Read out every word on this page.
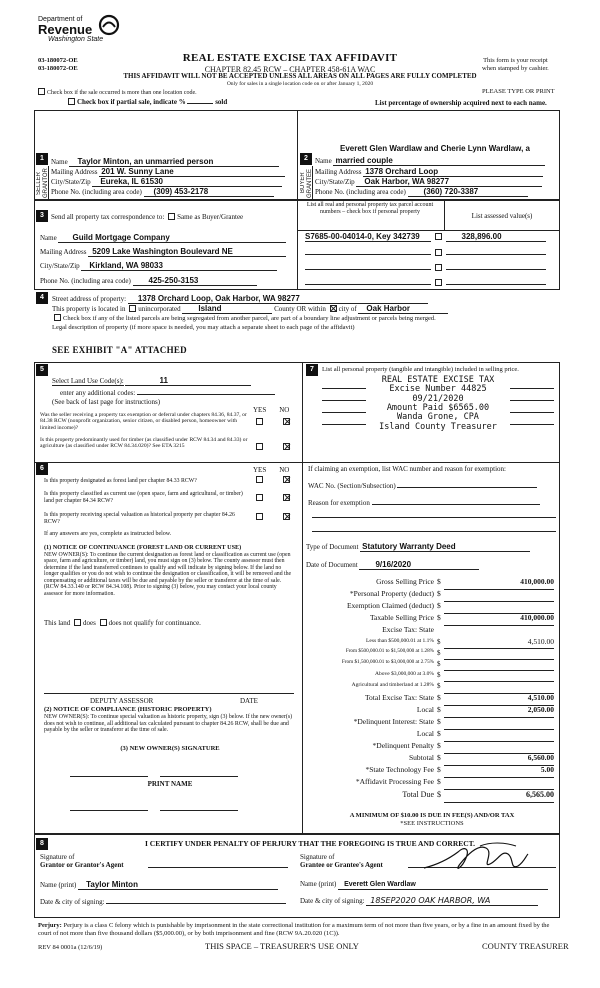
Department of
Revenue
Washington State
03-180072-OE
03-180072-OE
REAL ESTATE EXCISE TAX AFFIDAVIT
CHAPTER 82.45 RCW – CHAPTER 458-61A WAC
THIS AFFIDAVIT WILL NOT BE ACCEPTED UNLESS ALL AREAS ON ALL PAGES ARE FULLY COMPLETED
Only for sales in a single location code on or after January 1, 2020
This form is your receipt
when stamped by cashier.
PLEASE TYPE OR PRINT
Check box if the sale occurred is more than one location code.
Check box if partial sale, indicate %	sold	List percentage of ownership acquired next to each name.
1
SELLER GRANTOR
Name Taylor Minton, an unmarried person
Mailing Address 201 W. Sunny Lane
City/State/Zip Eureka, IL 61530
Phone No. (including area code) (309) 453-2178
2
BUYER GRANTEE
Everett Glen Wardlaw and Cherie Lynn Wardlaw, a
Name married couple
Mailing Address 1378 Orchard Loop
City/State/Zip Oak Harbor, WA 98277
Phone No. (including area code) (360) 720-3387
3	Send all property tax correspondence to: Same as Buyer/Grantee
Name Guild Mortgage Company
Mailing Address 5209 Lake Washington Boulevard NE
City/State/Zip Kirkland, WA 98033
Phone No. (including area code) 425-250-3153
List all real and personal property tax parcel account numbers – check box if personal property
List assessed value(s)
S7685-00-04014-0, Key 342739	328,896.00

4	Street address of property: 1378 Orchard Loop, Oak Harbor, WA 98277
This property is located in unincorporated Island	County OR within city of Oak Harbor
Check box if any of the listed parcels are being segregated from another parcel, are part of a boundary line adjustment or parcels being merged.
Legal description of property (if more space is needed, you may attach a separate sheet to each page of the affidavit)
SEE EXHIBIT "A" ATTACHED
5
Select Land Use Code(s):	11
enter any additional codes:
(See back of last page for instructions)
YES NO
Was the seller receiving a property tax exemption or deferral under chapters 84.36, 84.37, or 84.38 RCW (nonprofit organization, senior citizen, or disabled person, homeowner with limited income)?
Is this property predominantly used for timber (as classified under RCW 84.34 and 84.33) or agriculture (as classified under RCW 84.34.020)? See ETA 3215
6	YES NO
Is this property designated as forest land per chapter 84.33 RCW?
Is this property classified as current use (open space, farm and agricultural, or timber) land per chapter 84.34 RCW?
Is this property receiving special valuation as historical property per chapter 84.26 RCW?
If any answers are yes, complete as instructed below.
(1) NOTICE OF CONTINUANCE (FOREST LAND OR CURRENT USE)
NEW OWNER(S): To continue the current designation as forest land or classification as current use (open space, farm and agriculture, or timber) land, you must sign on (3) below. The county assessor must then determine if the land transferred continues to qualify and will indicate by signing below. If the land no longer qualifies or you do not wish to continue the designation or classification, it will be removed and the compensating or additional taxes will be due and payable by the seller or transferor at the time of sale. (RCW 84.33.140 or RCW 84.34.108). Prior to signing (3) below, you may contact your local county assessor for more information.
This land does does not qualify for continuance.
DEPUTY ASSESSOR	DATE
(2) NOTICE OF COMPLIANCE (HISTORIC PROPERTY)
NEW OWNER(S): To continue special valuation as historic property, sign (3) below. If the new owner(s) does not wish to continue, all additional tax calculated pursuant to chapter 84.26 RCW, shall be due and payable by the seller or transferor at the time of sale.
(3) NEW OWNER(S) SIGNATURE
PRINT NAME
7	List all personal property (tangible and intangible) included in selling price.
REAL ESTATE EXCISE TAX
Excise Number 44825
09/21/2020
Amount Paid $6565.00
Wanda Grone, CPA
Island County Treasurer
If claiming an exemption, list WAC number and reason for exemption:
WAC No. (Section/Subsection)
Reason for exemption
Type of Document Statutory Warranty Deed
Date of Document 9/16/2020
Gross Selling Price $	410,000.00
*Personal Property (deduct) $
Exemption Claimed (deduct) $
Taxable Selling Price $	410,000.00
Excise Tax: State
Less than $500,000.01 at 1.1% $	4,510.00
From $500,000.01 to $1,500,000 at 1.28% $
From $1,500,000.01 to $3,000,000 at 2.75% $
Above $3,000,000 at 3.0% $
Agricultural and timberland at 1.28% $
Total Excise Tax: State $	4,510.00
Local $	2,050.00
*Delinquent Interest: State $
Local $
*Delinquent Penalty $
Subtotal $	6,560.00
*State Technology Fee $	5.00
*Affidavit Processing Fee $
Total Due $	6,565.00
A MINIMUM OF $10.00 IS DUE IN FEE(S) AND/OR TAX
*SEE INSTRUCTIONS
8	I CERTIFY UNDER PENALTY OF PERJURY THAT THE FOREGOING IS TRUE AND CORRECT.
Signature of
Grantor or Grantor's Agent
Name (print) Taylor Minton
Date & city of signing:
Signature of
Grantee or Grantee's Agent
Name (print) Everett Glen Wardlaw
Date & city of signing: 18SEP2020 OAK HARBOR, WA
Perjury: Perjury is a class C felony which is punishable by imprisonment in the state correctional institution for a maximum term of not more than five years, or by a fine in an amount fixed by the court of not more than five thousand dollars ($5,000.00), or by both imprisonment and fine (RCW 9A.20.020 (1C)).
REV 84 0001a (12/6/19)	THIS SPACE – TREASURER'S USE ONLY	COUNTY TREASURER
